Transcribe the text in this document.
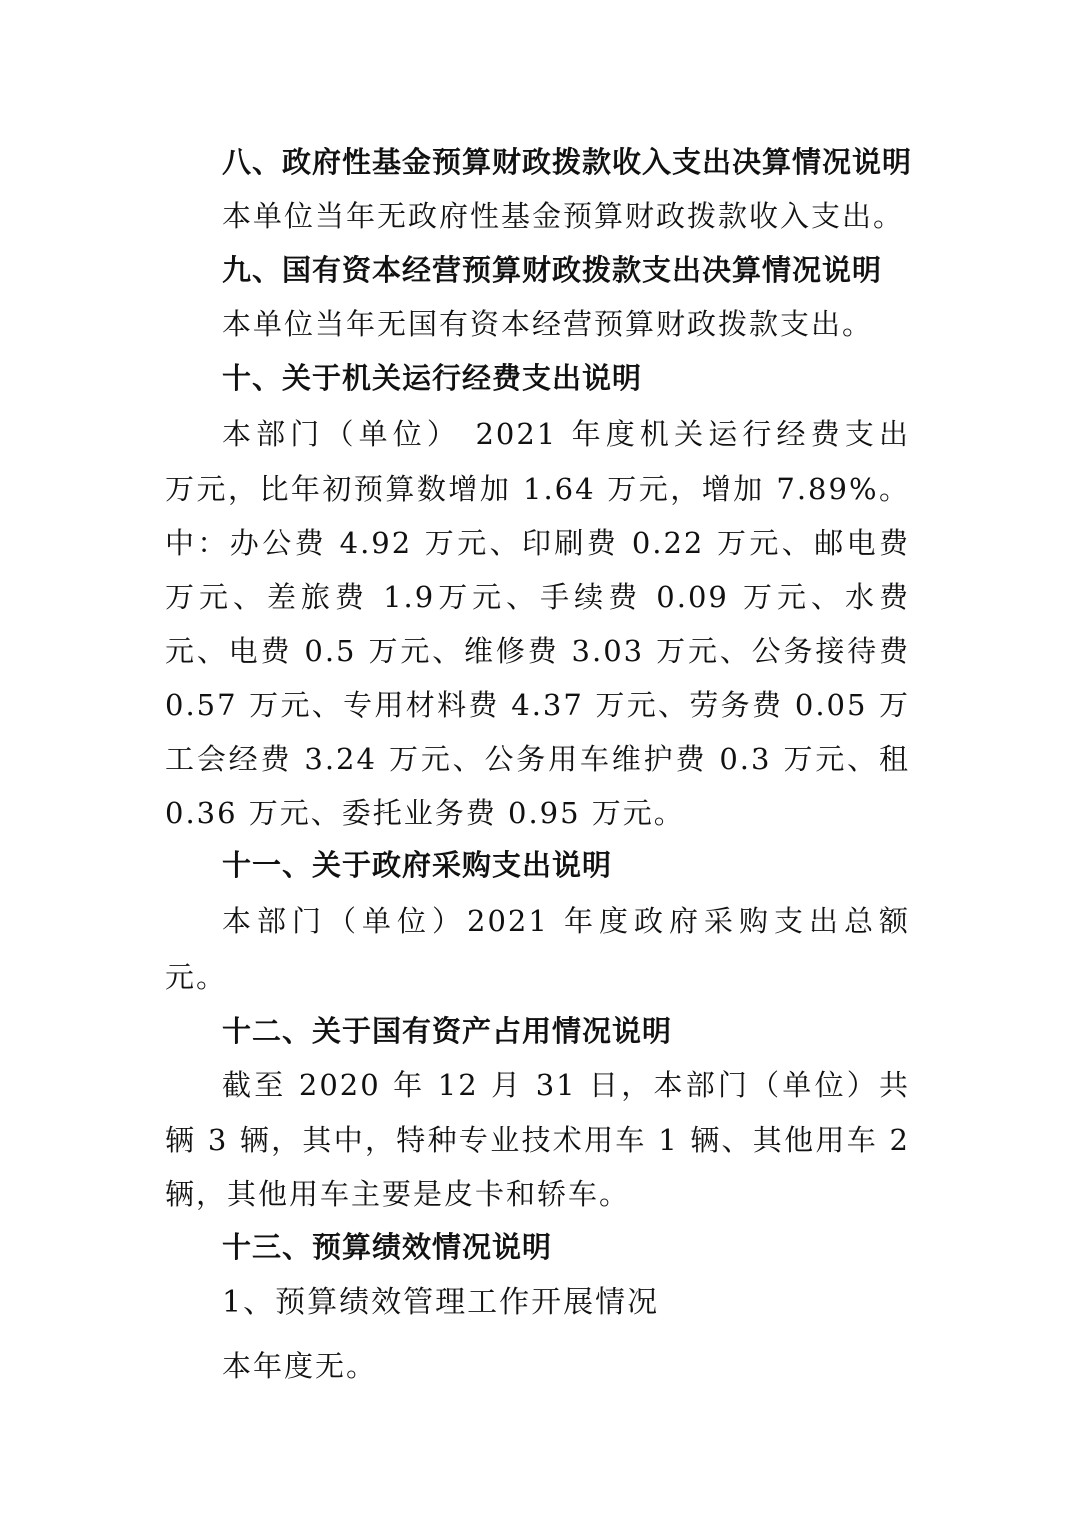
八、政府性基金预算财政拨款收入支出决算情况说明
本单位当年无政府性基金预算财政拨款收入支出。
九、国有资本经营预算财政拨款支出决算情况说明
本单位当年无国有资本经营预算财政拨款支出。
十、关于机关运行经费支出说明
本部门（单位） 2021 年度机关运行经费支出
万元，比年初预算数增加 1.64 万元，增加 7.89%。
中：办公费 4.92 万元、印刷费 0.22 万元、邮电费
万元、差旅费 1.9万元、手续费 0.09 万元、水费
元、电费 0.5 万元、维修费 3.03 万元、公务接待费
0.57 万元、专用材料费 4.37 万元、劳务费 0.05 万
工会经费 3.24 万元、公务用车维护费 0.3 万元、租
0.36 万元、委托业务费 0.95 万元。
十一、关于政府采购支出说明
本部门（单位）2021 年度政府采购支出总额
元。
十二、关于国有资产占用情况说明
截至 2020 年 12 月 31 日，本部门（单位）共
辆 3 辆，其中，特种专业技术用车 1 辆、其他用车 2
辆，其他用车主要是皮卡和轿车。
十三、预算绩效情况说明
1、预算绩效管理工作开展情况
本年度无。
